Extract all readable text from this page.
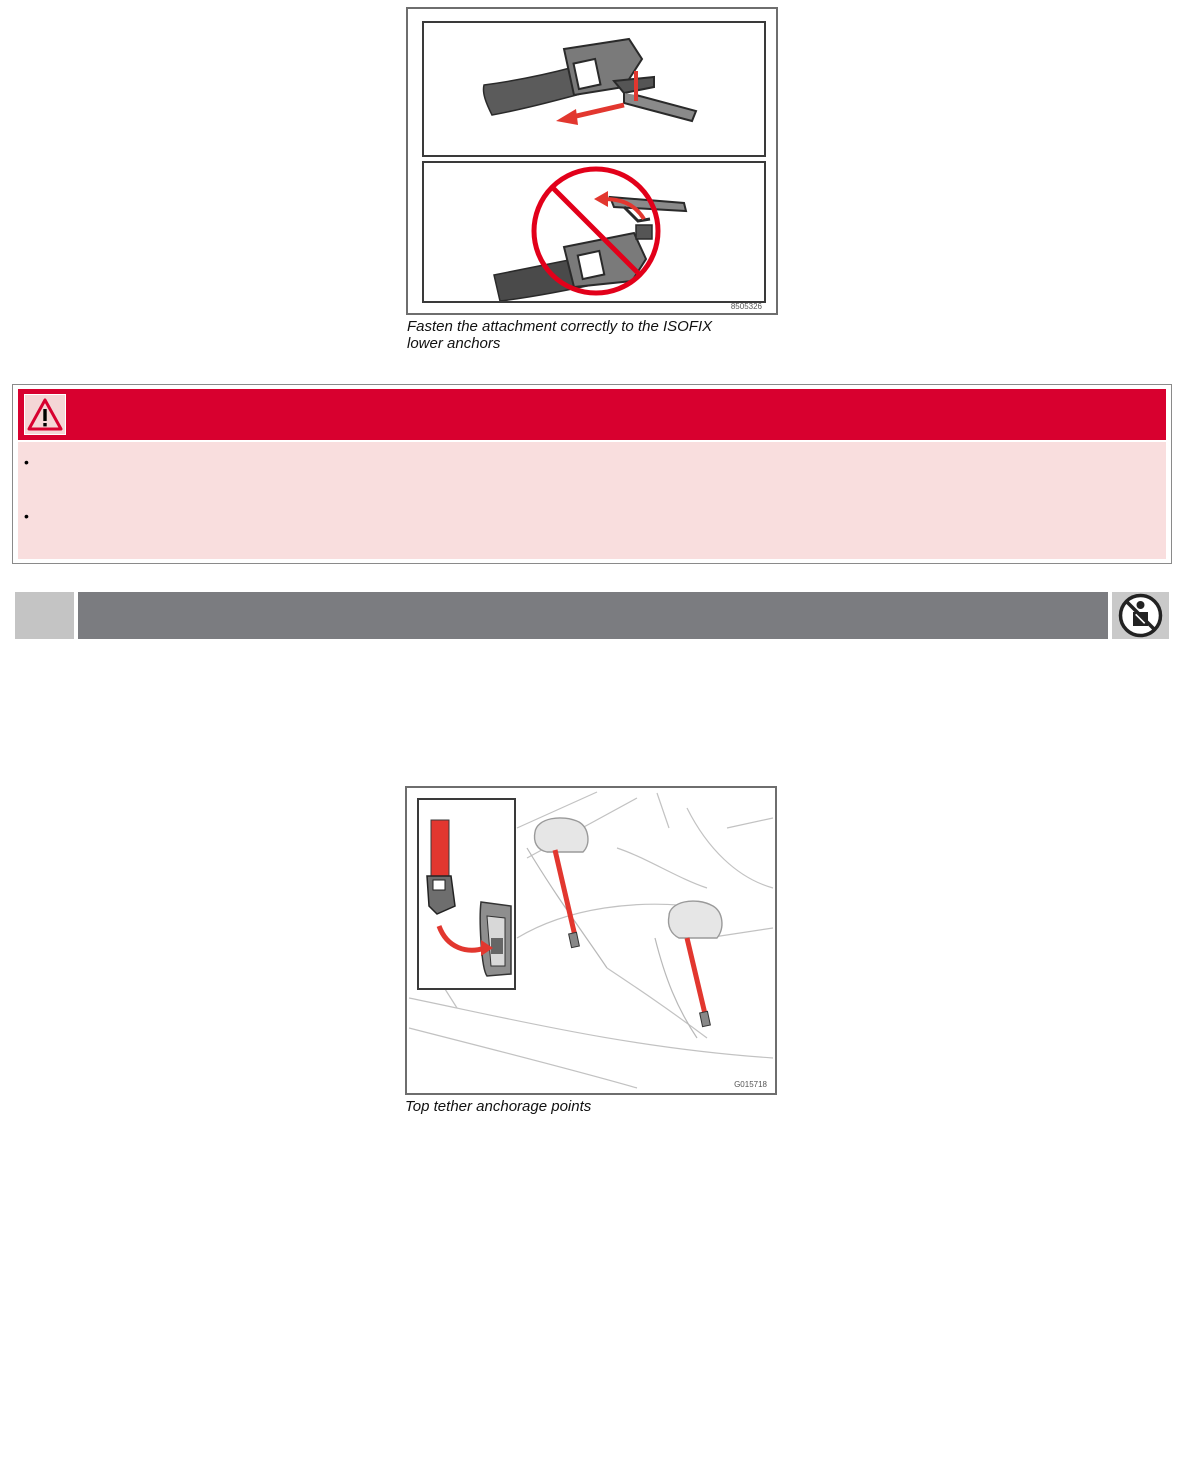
8505326
Fasten the attachment correctly to the ISOFIX
lower anchors
•
•
G015718
Top tether anchorage points
